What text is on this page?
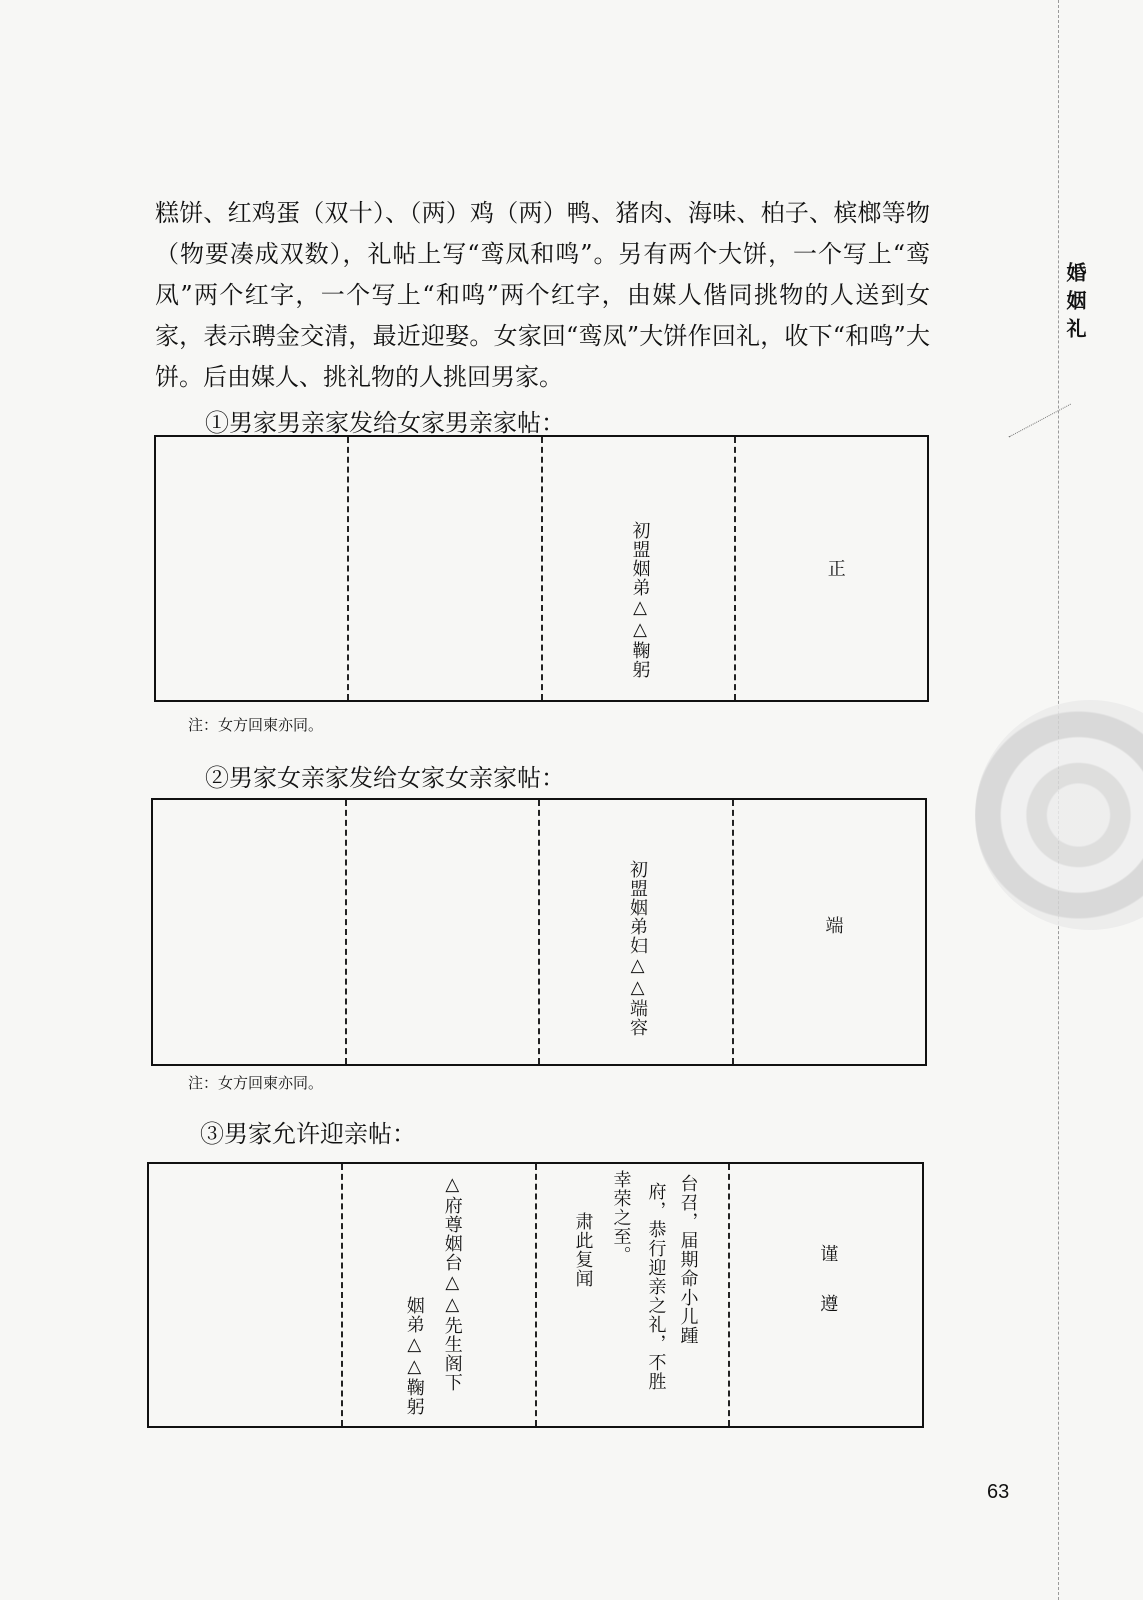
婚姻礼
糕饼、红鸡蛋（双十）、（两）鸡（两）鸭、猪肉、海味、柏子、槟榔等物（物要凑成双数），礼帖上写“鸾凤和鸣”。另有两个大饼，一个写上“鸾凤”两个红字，一个写上“和鸣”两个红字，由媒人偕同挑物的人送到女家，表示聘金交清，最近迎娶。女家回“鸾凤”大饼作回礼，收下“和鸣”大饼。后由媒人、挑礼物的人挑回男家。
①男家男亲家发给女家男亲家帖：
初盟姻弟△△鞠躬	正
注：女方回柬亦同。
②男家女亲家发给女家女亲家帖：
初盟姻弟妇△△端容	端
注：女方回柬亦同。
③男家允许迎亲帖：
△府尊姻台△△先生阁下
姻弟△△鞠躬
台召，届期命小儿踵
府，恭行迎亲之礼，不胜
幸荣之至。
肃此复闻	谨遵
63
